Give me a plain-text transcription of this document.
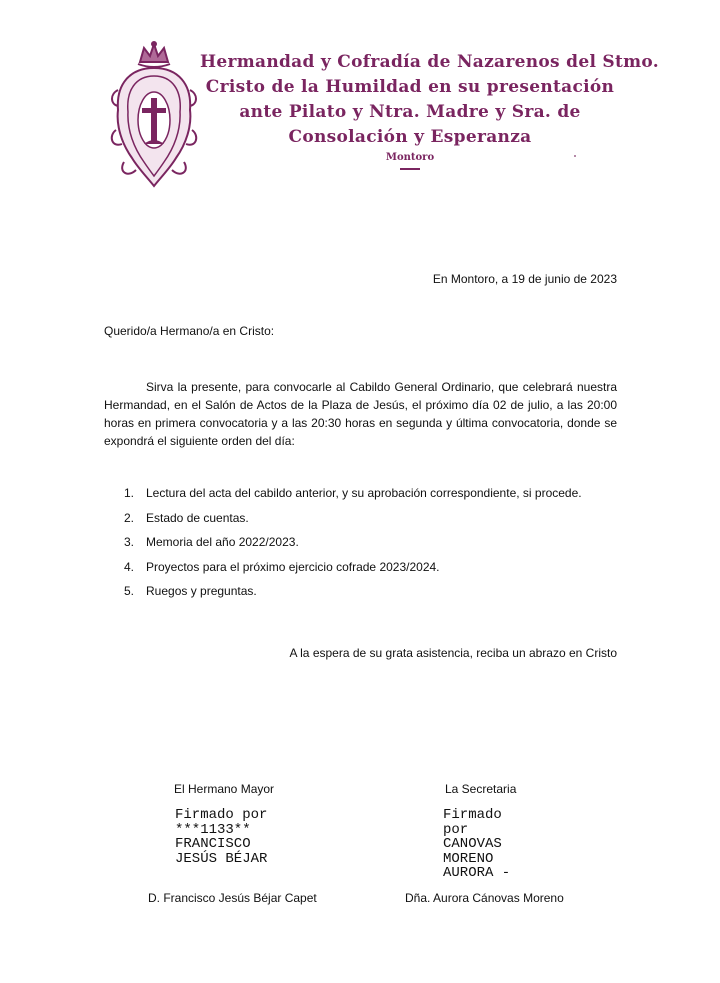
Hermandad y Cofradía de Nazarenos del Stmo.
Cristo de la Humildad en su presentación
ante Pilato y Ntra. Madre y Sra. de
Consolación y Esperanza
Montoro
En Montoro, a 19 de junio de 2023
Querido/a Hermano/a en Cristo:
Sirva la presente, para convocarle al Cabildo General Ordinario, que celebrará nuestra Hermandad, en el Salón de Actos de la Plaza de Jesús, el próximo día 02 de julio, a las 20:00 horas en primera convocatoria y a las 20:30 horas en segunda y última convocatoria, donde se expondrá el siguiente orden del día:
1. Lectura del acta del cabildo anterior, y su aprobación correspondiente, si procede.
2. Estado de cuentas.
3. Memoria del año 2022/2023.
4. Proyectos para el próximo ejercicio cofrade 2023/2024.
5. Ruegos y preguntas.
A la espera de su grata asistencia, reciba un abrazo en Cristo
El Hermano Mayor	La Secretaria
Firmado por
***1133**
FRANCISCO
JESÚS BÉJAR
Firmado
por
CANOVAS
MORENO
AURORA -
D. Francisco Jesús Béjar Capet	Dña. Aurora Cánovas Moreno
